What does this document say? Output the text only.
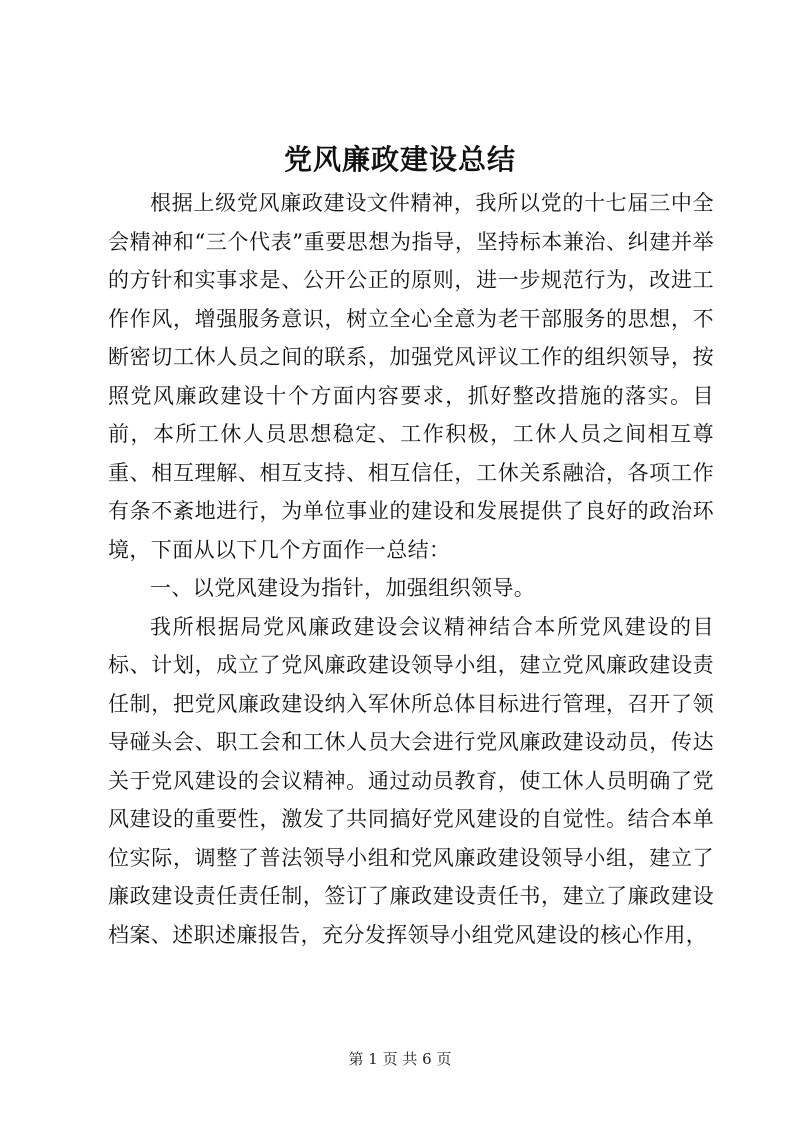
党风廉政建设总结

根据上级党风廉政建设文件精神，我所以党的十七届三中全会精神和“三个代表”重要思想为指导，坚持标本兼治、纠建并举的方针和实事求是、公开公正的原则，进一步规范行为，改进工作作风，增强服务意识，树立全心全意为老干部服务的思想，不断密切工休人员之间的联系，加强党风评议工作的组织领导，按照党风廉政建设十个方面内容要求，抓好整改措施的落实。目前，本所工休人员思想稳定、工作积极，工休人员之间相互尊重、相互理解、相互支持、相互信任，工休关系融洽，各项工作有条不紊地进行，为单位事业的建设和发展提供了良好的政治环境，下面从以下几个方面作一总结：

一、以党风建设为指针，加强组织领导。

我所根据局党风廉政建设会议精神结合本所党风建设的目标、计划，成立了党风廉政建设领导小组，建立党风廉政建设责任制，把党风廉政建设纳入军休所总体目标进行管理，召开了领导碰头会、职工会和工休人员大会进行党风廉政建设动员，传达关于党风建设的会议精神。通过动员教育，使工休人员明确了党风建设的重要性，激发了共同搞好党风建设的自觉性。结合本单位实际，调整了普法领导小组和党风廉政建设领导小组，建立了廉政建设责任责任制，签订了廉政建设责任书，建立了廉政建设档案、述职述廉报告，充分发挥领导小组党风建设的核心作用，

第 1 页 共 6 页
